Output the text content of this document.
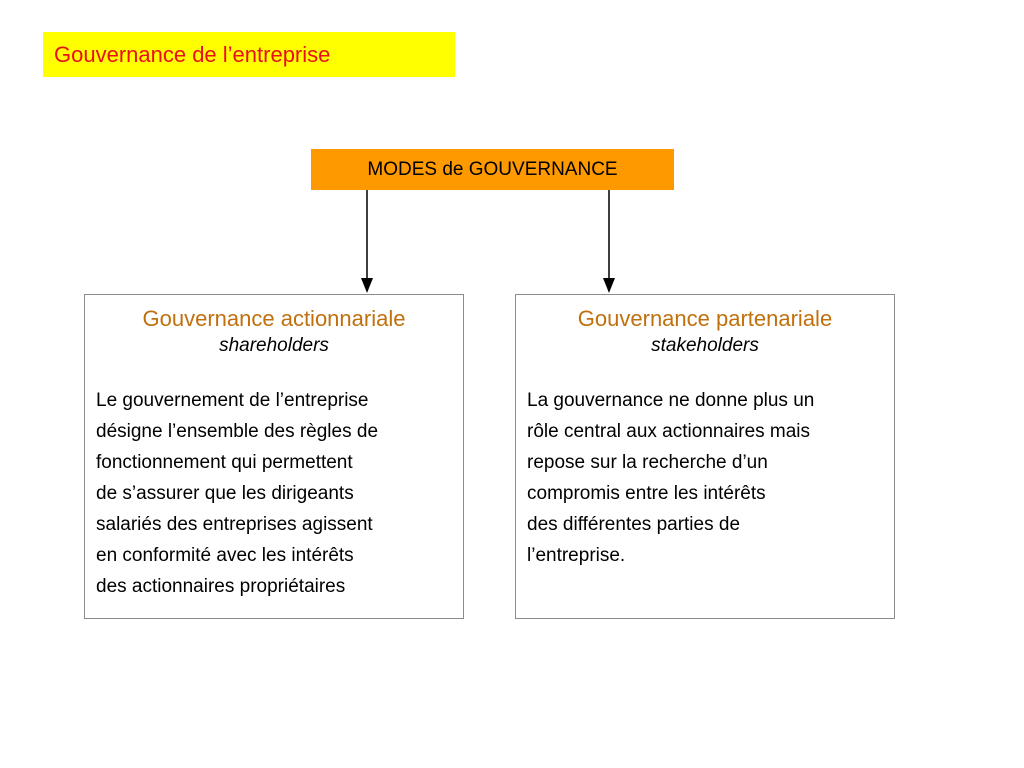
Gouvernance de l’entreprise
MODES de GOUVERNANCE
Gouvernance actionnariale
shareholders
Le gouvernement de l’entreprise
désigne l’ensemble des règles de
fonctionnement qui permettent
de s’assurer que les dirigeants
salariés des entreprises agissent
en conformité avec les intérêts
des actionnaires propriétaires
Gouvernance partenariale
stakeholders
La gouvernance ne donne plus un
rôle central aux actionnaires mais
repose sur la recherche d’un
compromis entre les intérêts
des différentes parties de
l’entreprise.
